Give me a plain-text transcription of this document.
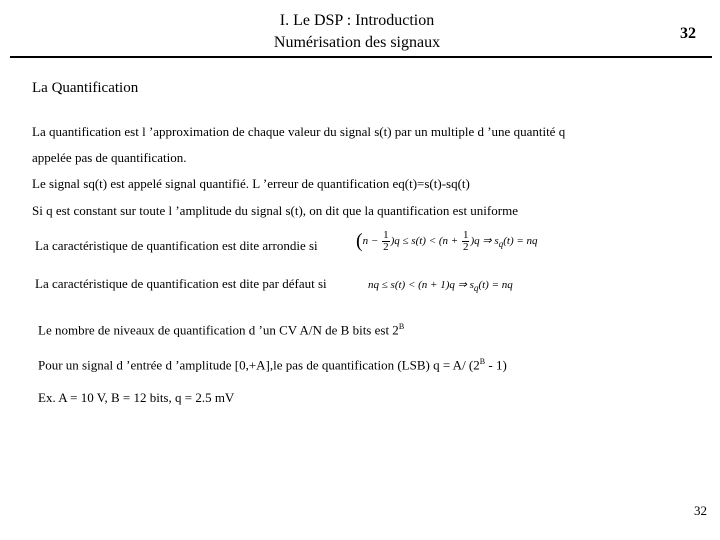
I. Le DSP : Introduction
Numérisation des signaux
32
La Quantification
La quantification est l ’approximation de chaque valeur du signal s(t) par un multiple d ’une quantité q
appelée pas de quantification.
Le signal sq(t) est appelé signal quantifié. L ’erreur de quantification eq(t)=s(t)-sq(t)
Si q est constant sur toute l ’amplitude du signal s(t), on dit que la quantification est uniforme
La caractéristique de quantification est dite arrondie si $(n - \frac{1}{2} )q \le s(t) < (n + \frac{1}{2} )q$ ⇒ $s_q(t)$ = nq
La caractéristique de quantification est dite par défaut si	nq ≤ s(t) < (n + 1)q ⇒ $s_q(t)$ = nq
Le nombre de niveaux de quantification d ’un CV A/N de B bits est $2^B$
Pour un signal d ’entrée d ’amplitude [0,+A],le pas de quantification (LSB) q = A/ $(2^B - 1)$
Ex. A = 10 V, B = 12 bits, q = 2.5 mV
32
